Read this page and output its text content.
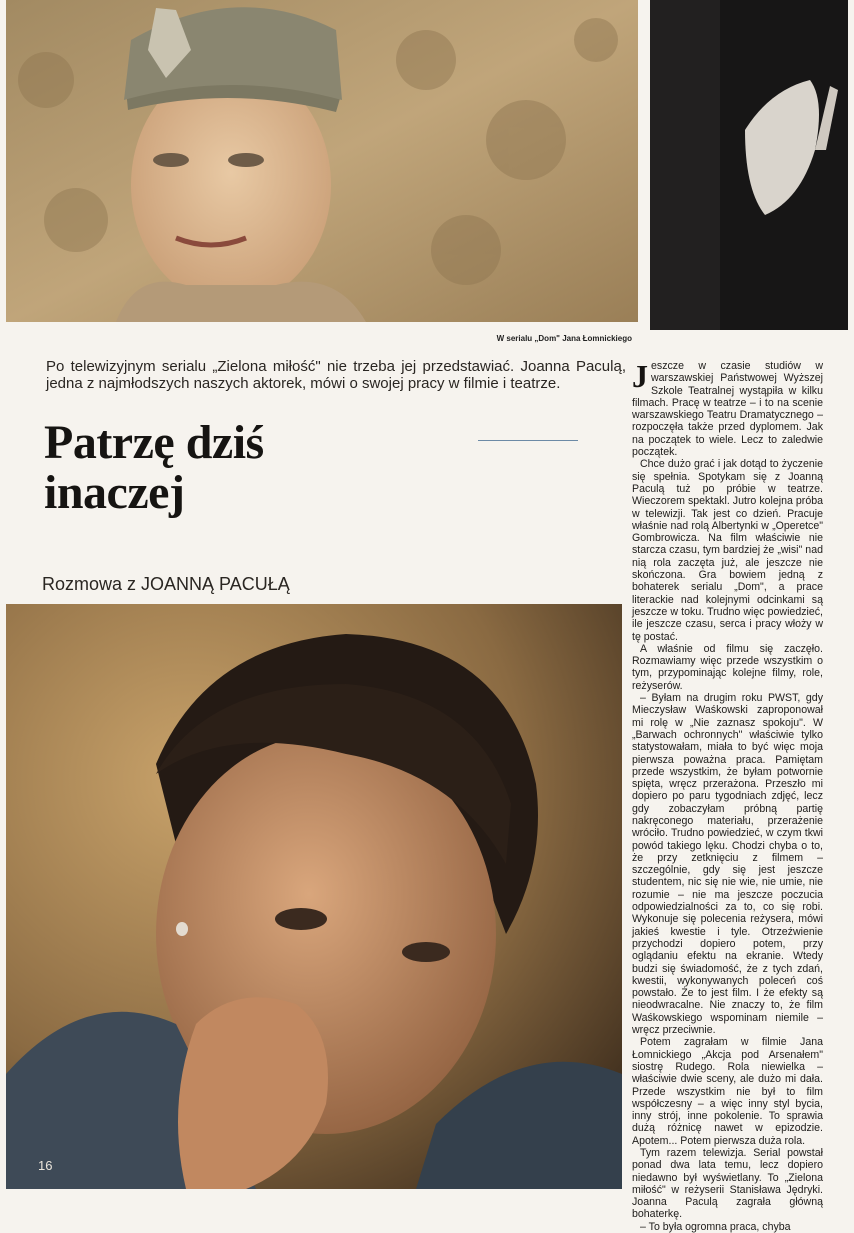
W serialu „Dom" Jana Łomnickiego
Po telewizyjnym serialu „Zielona miłość" nie trzeba jej przedstawiać. Joanna Paculą, jedna z najmłodszych naszych aktorek, mówi o swojej pracy w filmie i teatrze.
Patrzę dziś
inaczej
Rozmowa z JOANNĄ PACUŁĄ
16

Jeszcze w czasie studiów w warszawskiej Państwowej Wyższej Szkole Teatralnej wystąpiła w kilku filmach. Pracę w teatrze – i to na scenie warszawskiego Teatru Dramatycznego – rozpoczęła także przed dyplomem. Jak na początek to wiele. Lecz to zaledwie początek.

Chce dużo grać i jak dotąd to życzenie się spełnia. Spotykam się z Joanną Paculą tuż po próbie w teatrze. Wieczorem spektakl. Jutro kolejna próba w telewizji. Tak jest co dzień. Pracuje właśnie nad rolą Albertynki w „Operetce" Gombrowicza. Na film właściwie nie starcza czasu, tym bardziej że „wisi" nad nią rola zaczęta już, ale jeszcze nie skończona. Gra bowiem jedną z bohaterek serialu „Dom", a prace literackie nad kolejnymi odcinkami są jeszcze w toku. Trudno więc powiedzieć, ile jeszcze czasu, serca i pracy włoży w tę postać.

A właśnie od filmu się zaczęło. Rozmawiamy więc przede wszystkim o tym, przypominając kolejne filmy, role, reżyserów.

– Byłam na drugim roku PWST, gdy Mieczysław Waśkowski zaproponował mi rolę w „Nie zaznasz spokoju". W „Barwach ochronnych" właściwie tylko statystowałam, miała to być więc moja pierwsza poważna praca. Pamiętam przede wszystkim, że byłam potwornie spięta, wręcz przerażona. Przeszło mi dopiero po paru tygodniach zdjęć, lecz gdy zobaczyłam próbną partię nakręconego materiału, przerażenie wróciło. Trudno powiedzieć, w czym tkwi powód takiego lęku. Chodzi chyba o to, że przy zetknięciu z filmem – szczególnie, gdy się jest jeszcze studentem, nic się nie wie, nie umie, nie rozumie – nie ma jeszcze poczucia odpowiedzialności za to, co się robi. Wykonuje się polecenia reżysera, mówi jakieś kwestie i tyle. Otrzeźwienie przychodzi dopiero potem, przy oglądaniu efektu na ekranie. Wtedy budzi się świadomość, że z tych zdań, kwestii, wykonywanych poleceń coś powstało. Że to jest film. I że efekty są nieodwracalne. Nie znaczy to, że film Waśkowskiego wspominam niemile – wręcz przeciwnie.

Potem zagrałam w filmie Jana Łomnickiego „Akcja pod Arsenałem" siostrę Rudego. Rola niewielka – właściwie dwie sceny, ale dużo mi dała. Przede wszystkim nie był to film współczesny – a więc inny styl bycia, inny strój, inne pokolenie. To sprawia dużą różnicę nawet w epizodzie. Apotem... Potem pierwsza duża rola.

Tym razem telewizja. Serial powstał ponad dwa lata temu, lecz dopiero niedawno był wyświetlany. To „Zielona miłość" w reżyserii Stanisława Jędryki. Joanna Paculą zagrała główną bohaterkę.

– To była ogromna praca, chyba
